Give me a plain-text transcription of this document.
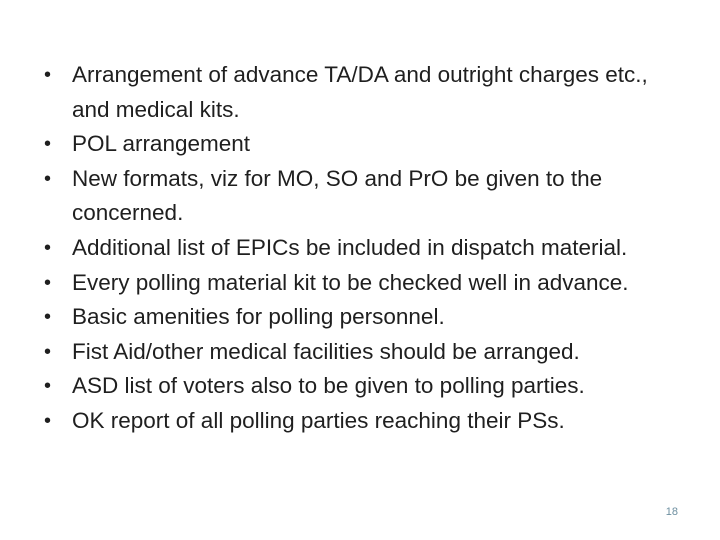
• Arrangement of advance TA/DA and outright charges etc., and medical kits.
• POL arrangement
• New formats, viz for MO, SO and PrO be given to the concerned.
• Additional list of EPICs be included in dispatch material.
• Every polling material kit to be checked well in advance.
• Basic amenities for polling personnel.
• Fist Aid/other medical facilities should be arranged.
• ASD list of voters also to be given to polling parties.
• OK report of all polling parties reaching their PSs.
18
